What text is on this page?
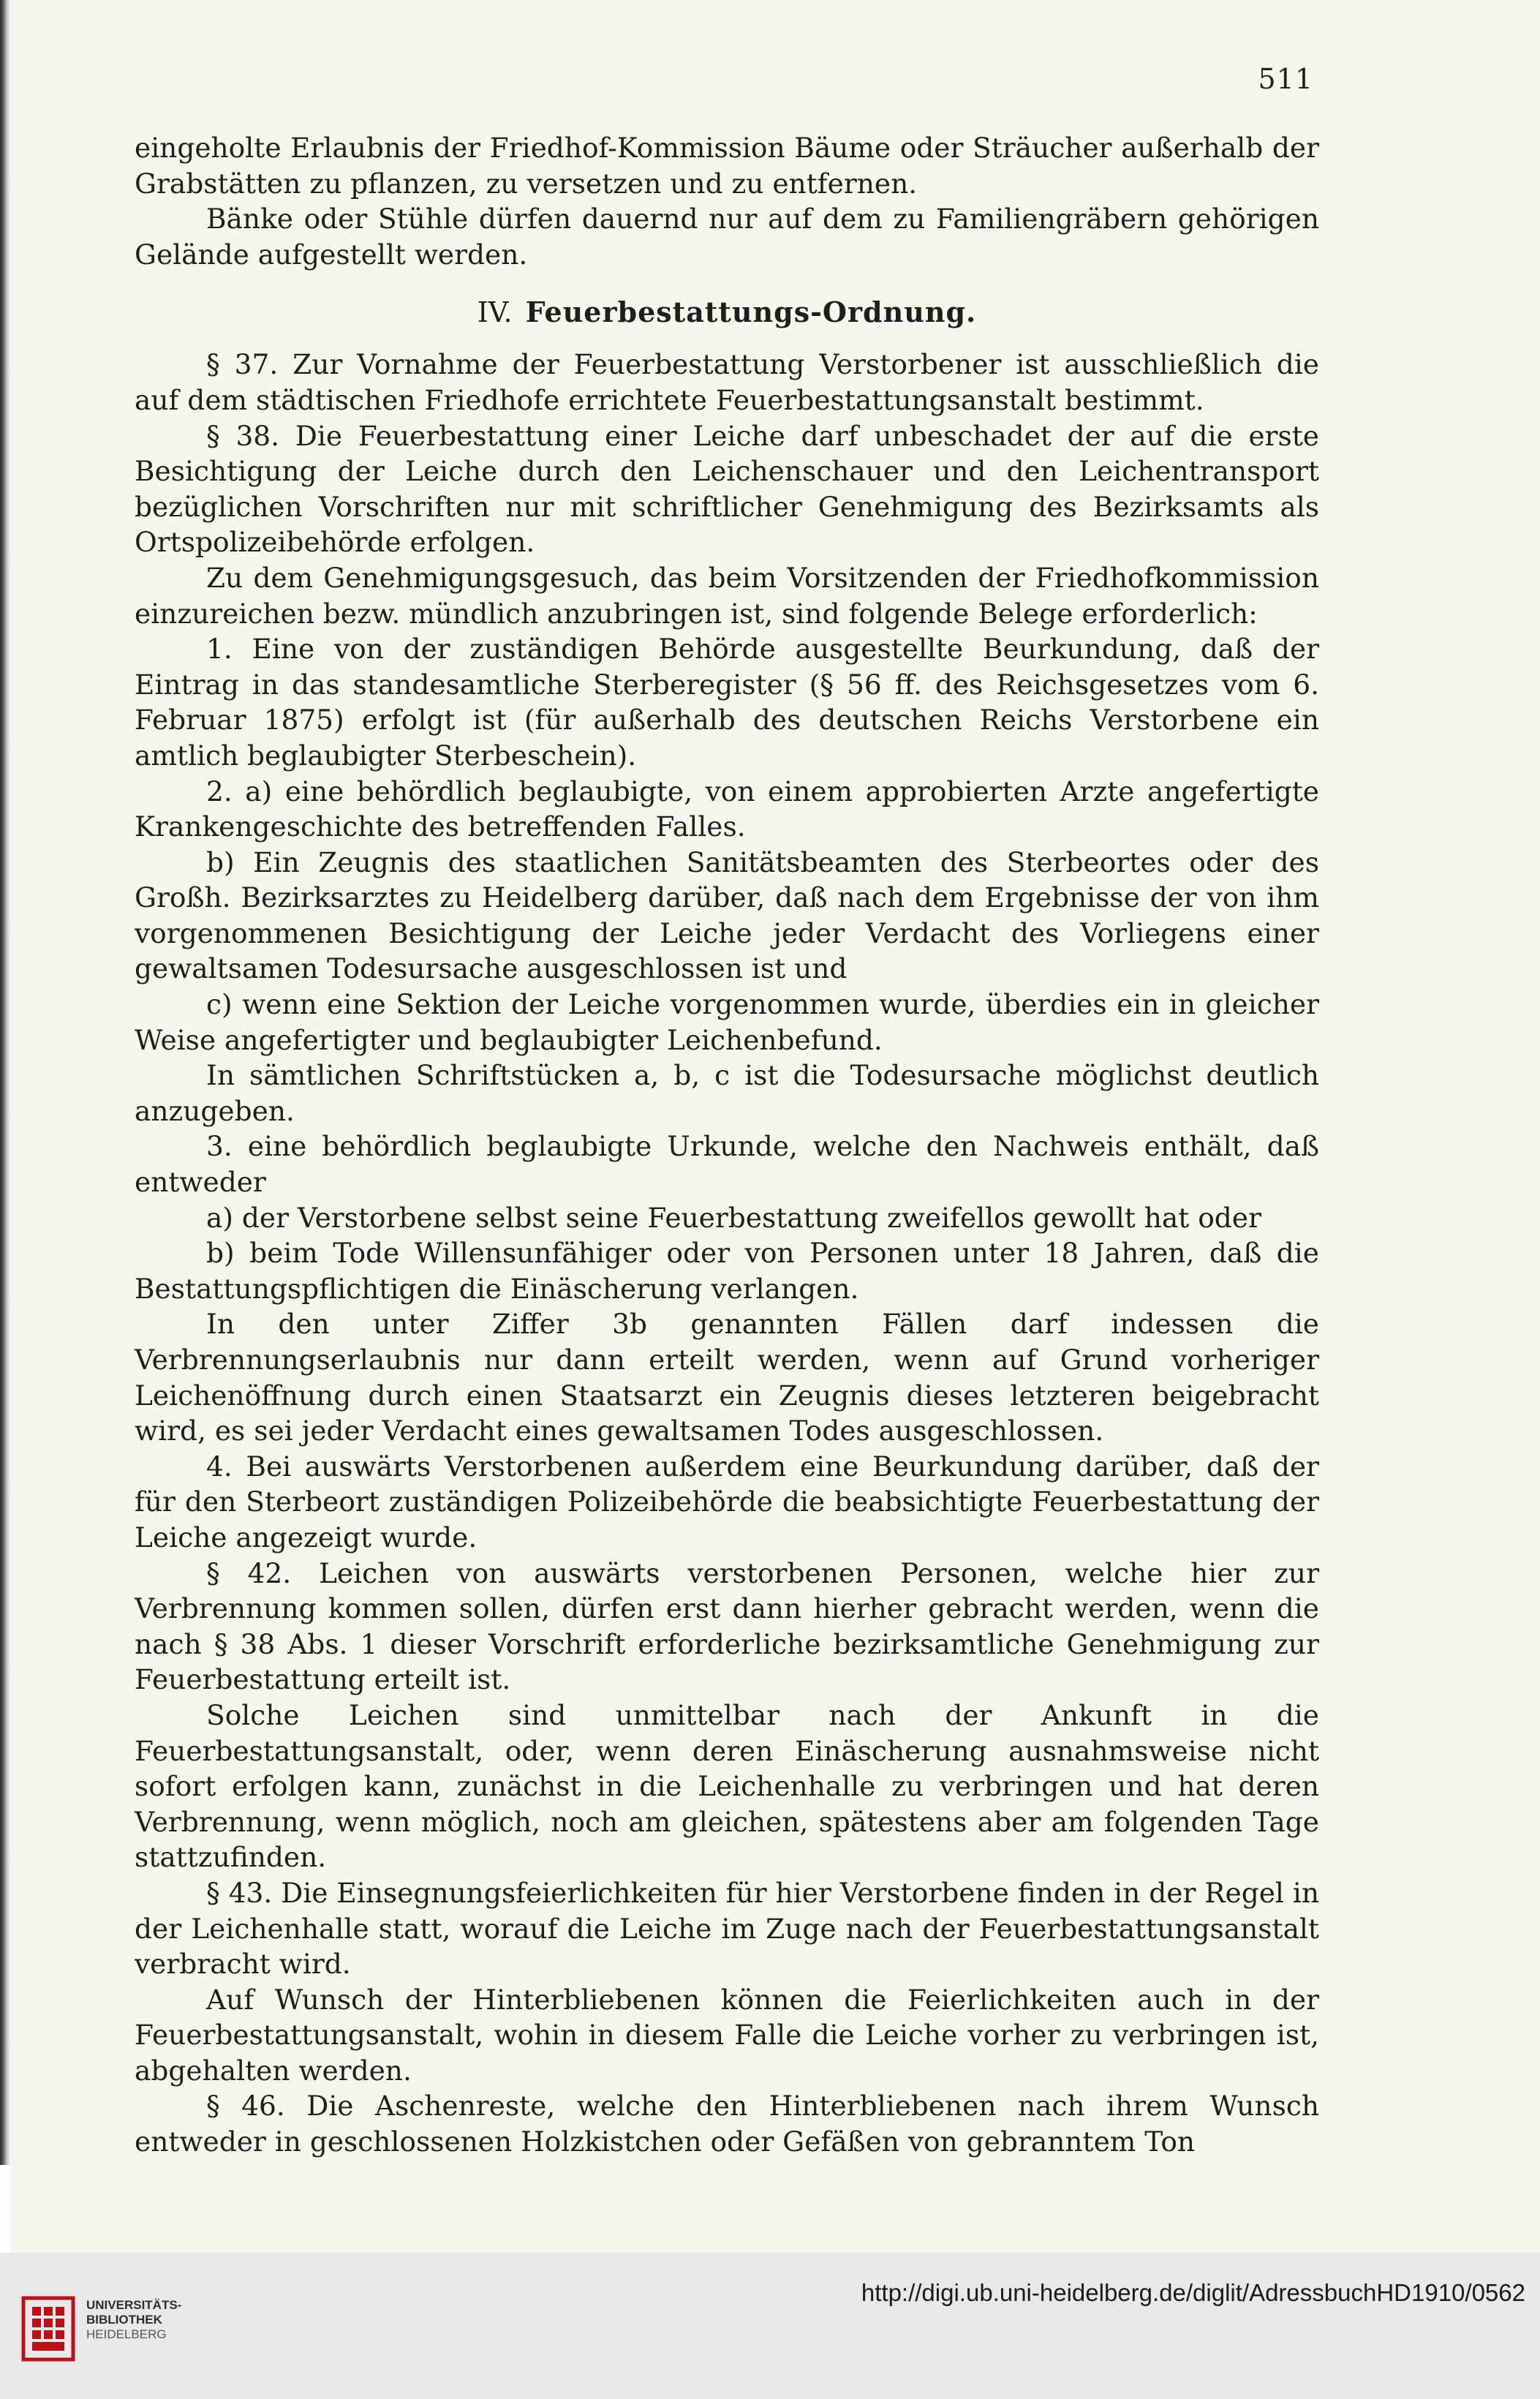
511

eingeholte Erlaubnis der Friedhof-Kommission Bäume oder Sträucher außerhalb der Grabstätten zu pflanzen, zu versetzen und zu entfernen.

Bänke oder Stühle dürfen dauernd nur auf dem zu Familiengräbern gehörigen Gelände aufgestellt werden.

IV. Feuerbestattungs-Ordnung.

§ 37. Zur Vornahme der Feuerbestattung Verstorbener ist ausschließlich die auf dem städtischen Friedhofe errichtete Feuerbestattungsanstalt bestimmt.

§ 38. Die Feuerbestattung einer Leiche darf unbeschadet der auf die erste Besichtigung der Leiche durch den Leichenschauer und den Leichentransport bezüglichen Vorschriften nur mit schriftlicher Genehmigung des Bezirksamts als Ortspolizeibehörde erfolgen.

Zu dem Genehmigungsgesuch, das beim Vorsitzenden der Friedhofkommission einzureichen bezw. mündlich anzubringen ist, sind folgende Belege erforderlich:

1. Eine von der zuständigen Behörde ausgestellte Beurkundung, daß der Eintrag in das standesamtliche Sterberegister (§ 56 ff. des Reichsgesetzes vom 6. Februar 1875) erfolgt ist (für außerhalb des deutschen Reichs Verstorbene ein amtlich beglaubigter Sterbeschein).

2. a) eine behördlich beglaubigte, von einem approbierten Arzte angefertigte Krankengeschichte des betreffenden Falles.

b) Ein Zeugnis des staatlichen Sanitätsbeamten des Sterbeortes oder des Großh. Bezirksarztes zu Heidelberg darüber, daß nach dem Ergebnisse der von ihm vorgenommenen Besichtigung der Leiche jeder Verdacht des Vorliegens einer gewaltsamen Todesursache ausgeschlossen ist und

c) wenn eine Sektion der Leiche vorgenommen wurde, überdies ein in gleicher Weise angefertigter und beglaubigter Leichenbefund.

In sämtlichen Schriftstücken a, b, c ist die Todesursache möglichst deutlich anzugeben.

3. eine behördlich beglaubigte Urkunde, welche den Nachweis enthält, daß entweder

a) der Verstorbene selbst seine Feuerbestattung zweifellos gewollt hat oder

b) beim Tode Willensunfähiger oder von Personen unter 18 Jahren, daß die Bestattungspflichtigen die Einäscherung verlangen.

In den unter Ziffer 3b genannten Fällen darf indessen die Verbrennungserlaubnis nur dann erteilt werden, wenn auf Grund vorheriger Leichenöffnung durch einen Staatsarzt ein Zeugnis dieses letzteren beigebracht wird, es sei jeder Verdacht eines gewaltsamen Todes ausgeschlossen.

4. Bei auswärts Verstorbenen außerdem eine Beurkundung darüber, daß der für den Sterbeort zuständigen Polizeibehörde die beabsichtigte Feuerbestattung der Leiche angezeigt wurde.

§ 42. Leichen von auswärts verstorbenen Personen, welche hier zur Verbrennung kommen sollen, dürfen erst dann hierher gebracht werden, wenn die nach § 38 Abs. 1 dieser Vorschrift erforderliche bezirksamtliche Genehmigung zur Feuerbestattung erteilt ist.

Solche Leichen sind unmittelbar nach der Ankunft in die Feuerbestattungsanstalt, oder, wenn deren Einäscherung ausnahmsweise nicht sofort erfolgen kann, zunächst in die Leichenhalle zu verbringen und hat deren Verbrennung, wenn möglich, noch am gleichen, spätestens aber am folgenden Tage stattzufinden.

§ 43. Die Einsegnungsfeierlichkeiten für hier Verstorbene finden in der Regel in der Leichenhalle statt, worauf die Leiche im Zuge nach der Feuerbestattungsanstalt verbracht wird.

Auf Wunsch der Hinterbliebenen können die Feierlichkeiten auch in der Feuerbestattungsanstalt, wohin in diesem Falle die Leiche vorher zu verbringen ist, abgehalten werden.

§ 46. Die Aschenreste, welche den Hinterbliebenen nach ihrem Wunsch entweder in geschlossenen Holzkistchen oder Gefäßen von gebranntem Ton

UNIVERSITÄTS-
BIBLIOTHEK
HEIDELBERG
http://digi.ub.uni-heidelberg.de/diglit/AdressbuchHD1910/0562
